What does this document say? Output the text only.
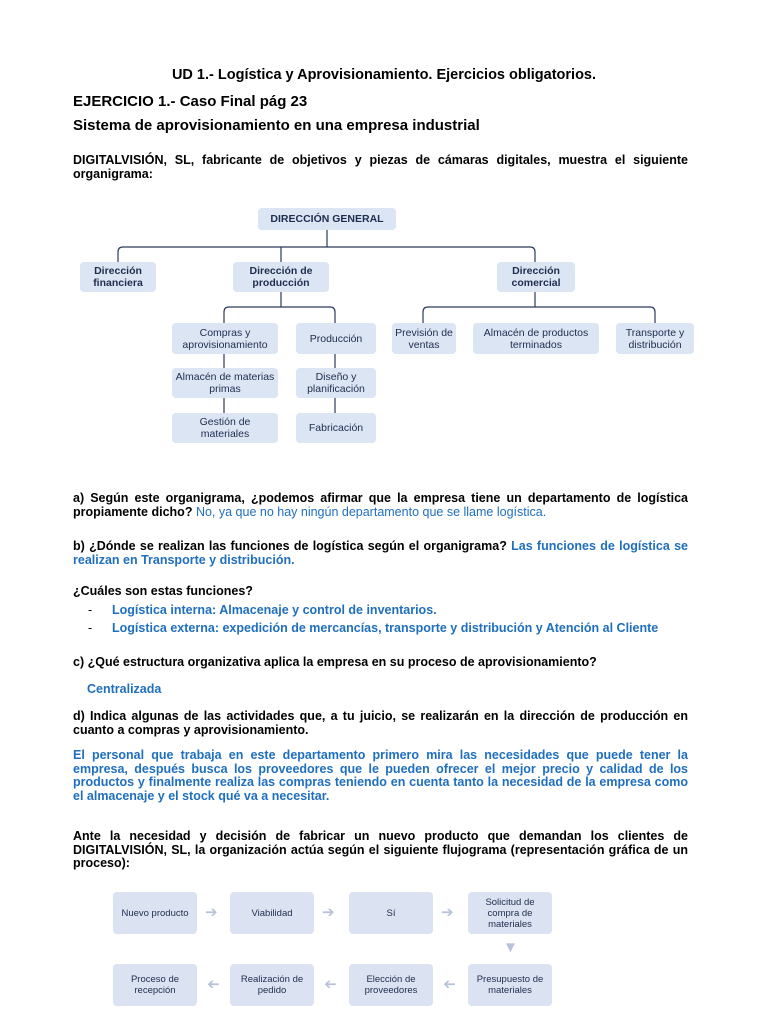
UD 1.- Logística y Aprovisionamiento. Ejercicios obligatorios.
EJERCICIO 1.- Caso Final pág 23
Sistema de aprovisionamiento en una empresa industrial
DIGITALVISIÓN, SL, fabricante de objetivos y piezas de cámaras digitales, muestra el siguiente organigrama:
DIRECCIÓN GENERAL
Dirección financiera
Dirección de producción
Dirección comercial
Compras y aprovisionamiento	Producción
Almacén de materias primas
Gestión de materiales
Diseño y planificación
Fabricación
Previsión de ventas
Almacén de productos terminados
Transporte y distribución
a) Según este organigrama, ¿podemos afirmar que la empresa tiene un departamento de logística propiamente dicho? No, ya que no hay ningún departamento que se llame logística.
b) ¿Dónde se realizan las funciones de logística según el organigrama? Las funciones de logística se realizan en Transporte y distribución.
¿Cuáles son estas funciones?
- Logística interna: Almacenaje y control de inventarios.
- Logística externa: expedición de mercancías, transporte y distribución y Atención al Cliente
c) ¿Qué estructura organizativa aplica la empresa en su proceso de aprovisionamiento?
Centralizada
d) Indica algunas de las actividades que, a tu juicio, se realizarán en la dirección de producción en cuanto a compras y aprovisionamiento.
El personal que trabaja en este departamento primero mira las necesidades que puede tener la empresa, después busca los proveedores que le pueden ofrecer el mejor precio y calidad de los productos y finalmente realiza las compras teniendo en cuenta tanto la necesidad de la empresa como el almacenaje y el stock qué va a necesitar.
Ante la necesidad y decisión de fabricar un nuevo producto que demandan los clientes de DIGITALVISIÓN, SL, la organización actúa según el siguiente flujograma (representación gráfica de un proceso):
Nuevo producto	➔	Viabilidad	➔	Sí	➔
Solicitud de compra de materiales
▼
Proceso de recepción	➔	Realización de pedido	➔	Elección de proveedores	➔	Presupuesto de materiales
